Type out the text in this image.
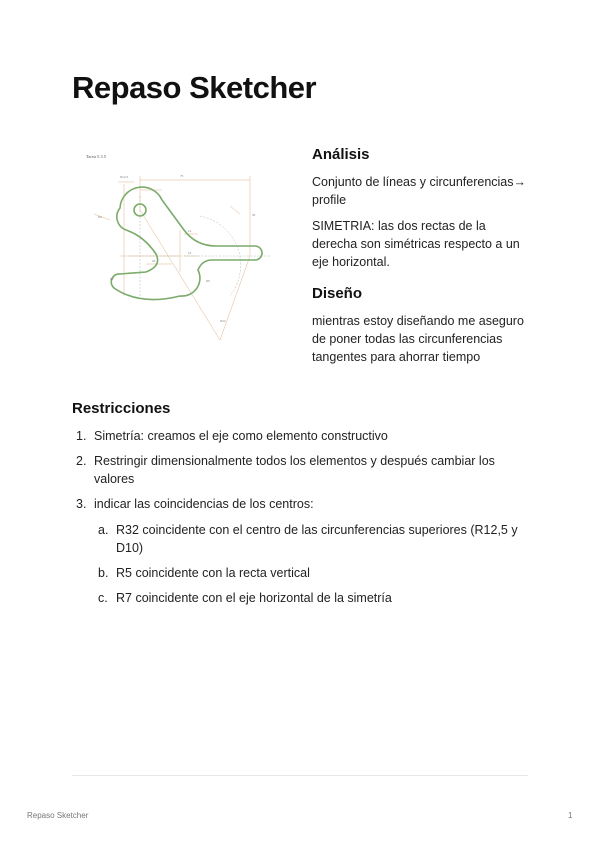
Repaso Sketcher
Tarea 5.3.5
R12,5	75
35
R4
12
14
23
R5
R32
R7
Análisis

Conjunto de líneas y circunferencias→ profile

SIMETRIA: las dos rectas de la derecha son simétricas respecto a un eje horizontal.

Diseño

mientras estoy diseñando me aseguro de poner todas las circunferencias tangentes para ahorrar tiempo

Restricciones
1. Simetría: creamos el eje como elemento constructivo
2. Restringir dimensionalmente todos los elementos y después cambiar los valores
3. indicar las coincidencias de los centros:
a. R32 coincidente con el centro de las circunferencias superiores (R12,5 y D10)
b. R5 coincidente con la recta vertical
c. R7 coincidente con el eje horizontal de la simetría
Repaso Sketcher	1
